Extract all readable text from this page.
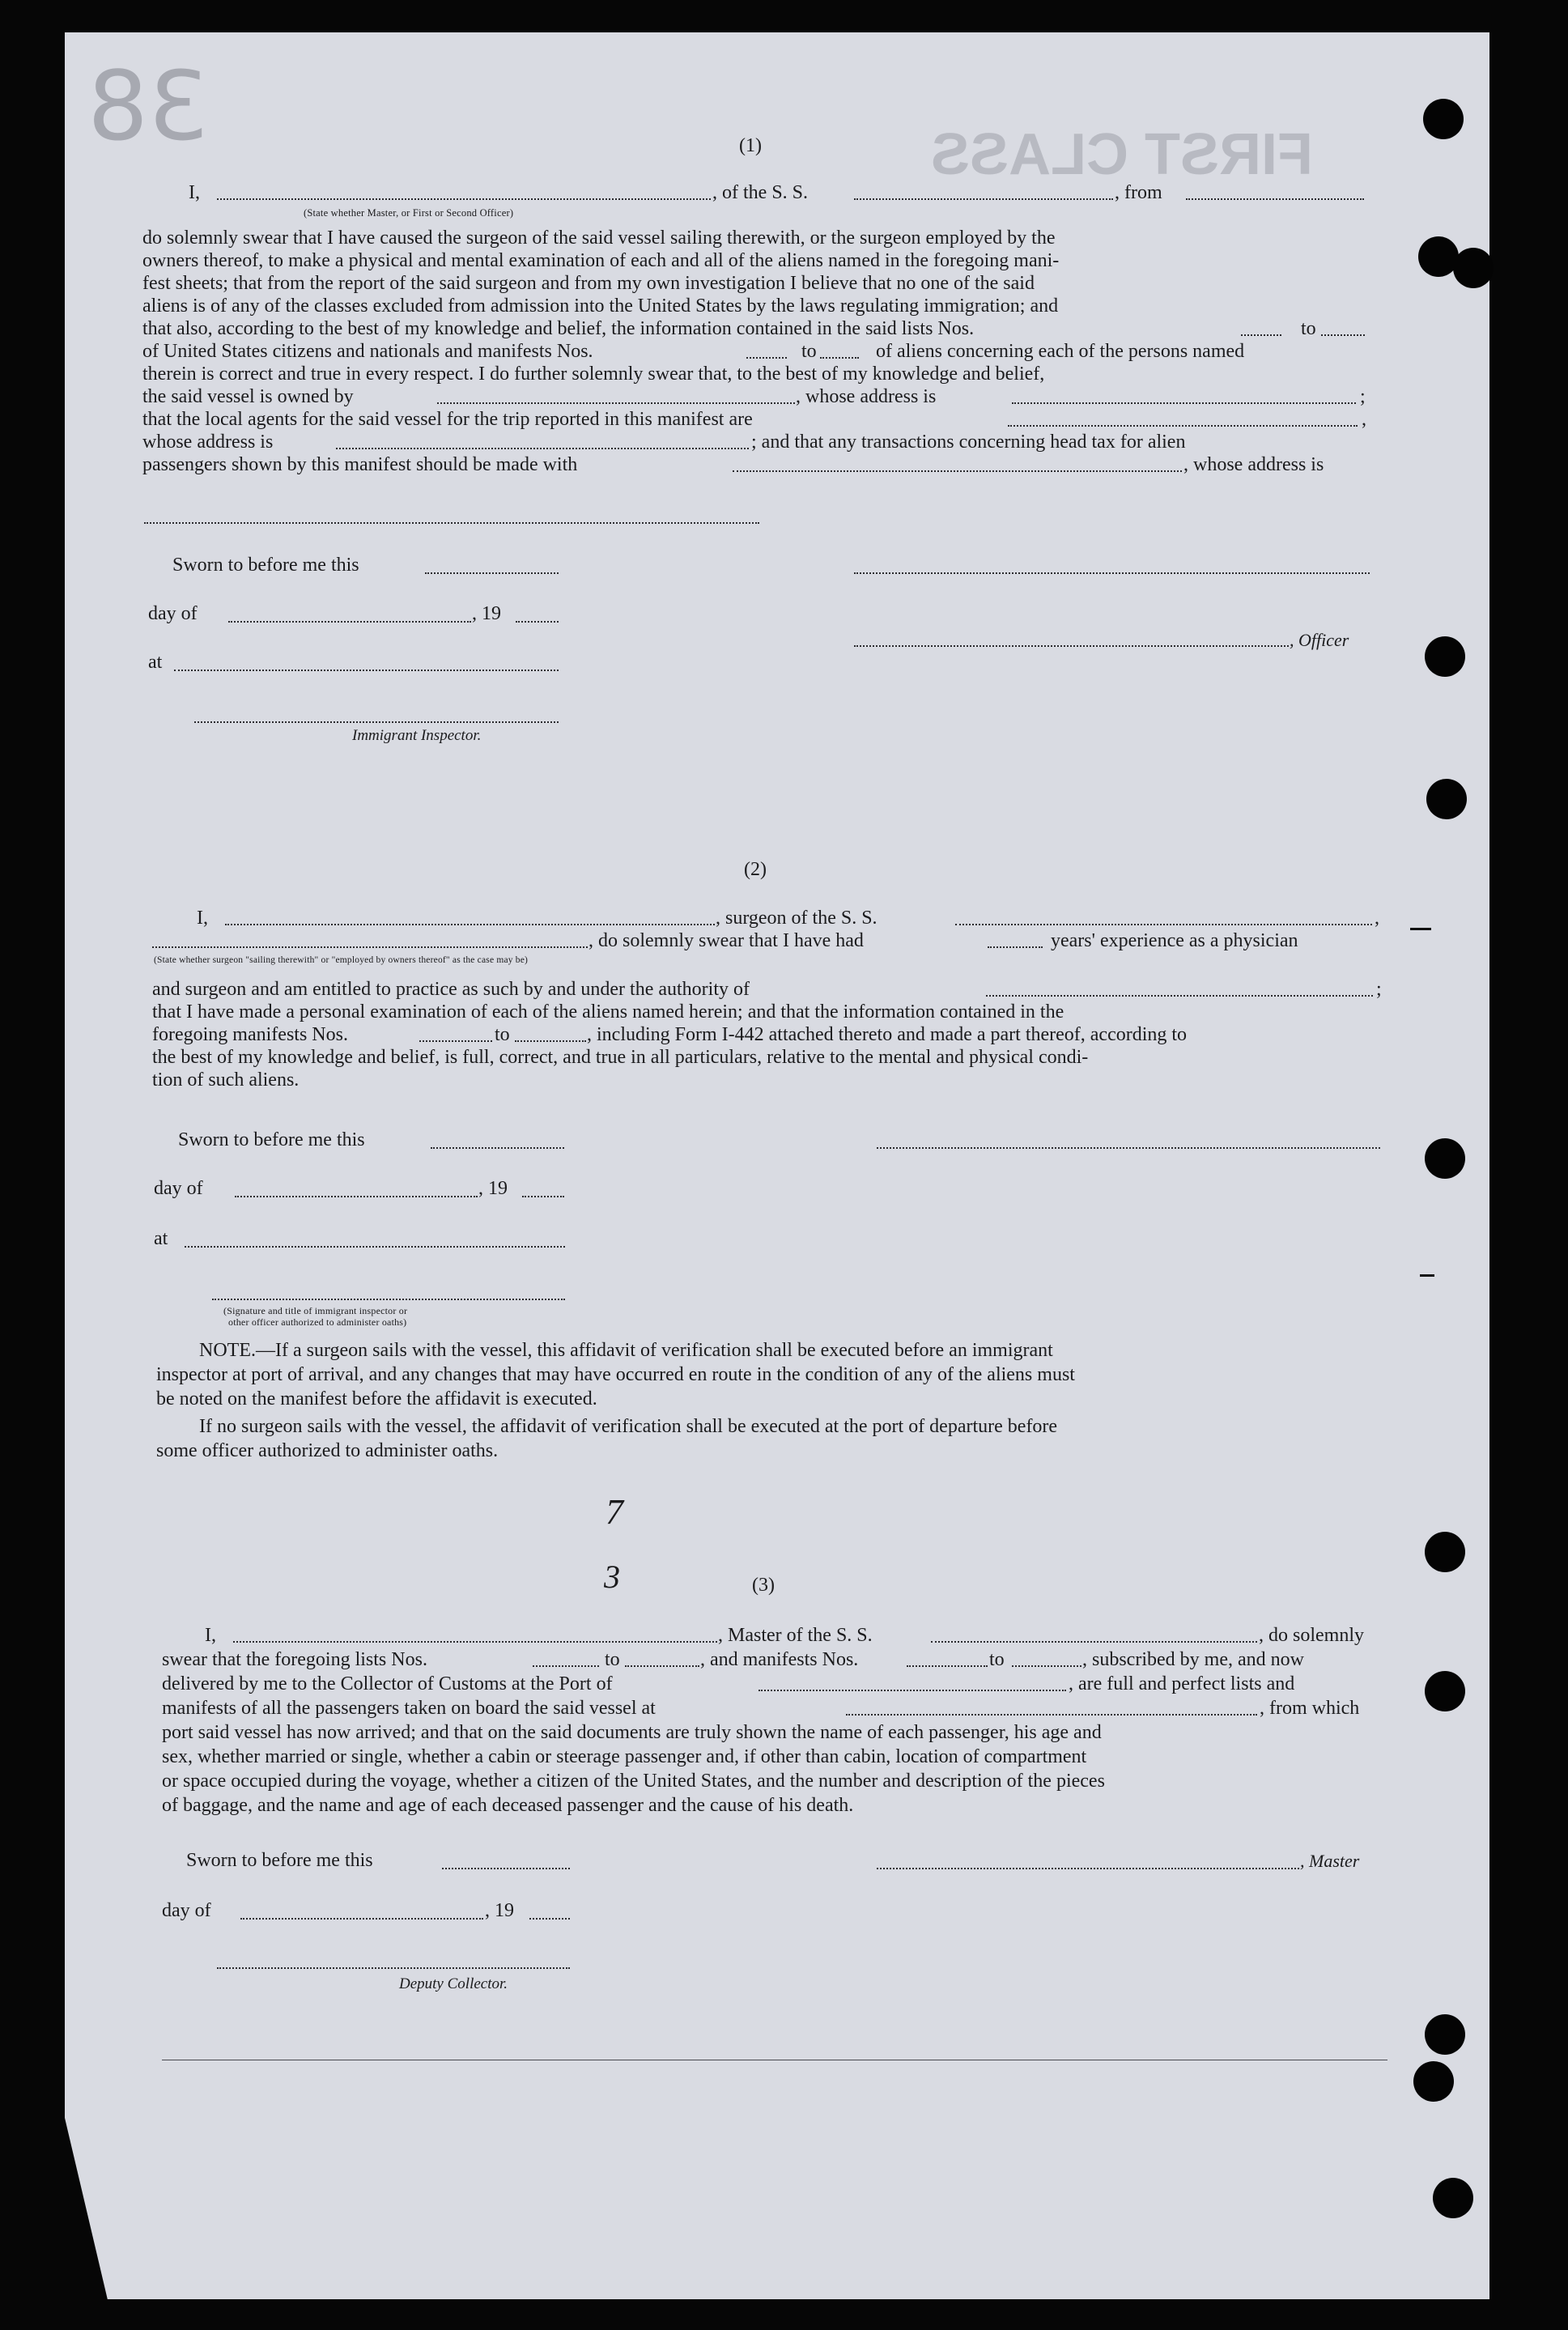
38	FIRST CLASS
(1)
I,	, of the S. S.	, from
(State whether Master, or First or Second Officer)
do solemnly swear that I have caused the surgeon of the said vessel sailing therewith, or the surgeon employed by the
owners thereof, to make a physical and mental examination of each and all of the aliens named in the foregoing mani-
fest sheets; that from the report of the said surgeon and from my own investigation I believe that no one of the said
aliens is of any of the classes excluded from admission into the United States by the laws regulating immigration; and
that also, according to the best of my knowledge and belief, the information contained in the said lists Nos.	to
of United States citizens and nationals and manifests Nos.	to	of aliens concerning each of the persons named
therein is correct and true in every respect. I do further solemnly swear that, to the best of my knowledge and belief,
the said vessel is owned by	, whose address is	;
that the local agents for the said vessel for the trip reported in this manifest are	,
whose address is	; and that any transactions concerning head tax for alien
passengers shown by this manifest should be made with	, whose address is
Sworn to before me this
day of	, 19
, Officer
at
Immigrant Inspector.
(2)
I,	, surgeon of the S. S.	,
, do solemnly swear that I have had	years' experience as a physician
(State whether surgeon "sailing therewith" or "employed by owners thereof" as the case may be)
and surgeon and am entitled to practice as such by and under the authority of	;
that I have made a personal examination of each of the aliens named herein; and that the information contained in the
foregoing manifests Nos.	to	, including Form I-442 attached thereto and made a part thereof, according to
the best of my knowledge and belief, is full, correct, and true in all particulars, relative to the mental and physical condi-
tion of such aliens.
Sworn to before me this
day of	, 19
at
(Signature and title of immigrant inspector or
other officer authorized to administer oaths)
NOTE.—If a surgeon sails with the vessel, this affidavit of verification shall be executed before an immigrant
inspector at port of arrival, and any changes that may have occurred en route in the condition of any of the aliens must
be noted on the manifest before the affidavit is executed.
If no surgeon sails with the vessel, the affidavit of verification shall be executed at the port of departure before
some officer authorized to administer oaths.
7
3	(3)
I,	, Master of the S. S.	, do solemnly
swear that the foregoing lists Nos.	to	, and manifests Nos.	to	, subscribed by me, and now
delivered by me to the Collector of Customs at the Port of	, are full and perfect lists and
manifests of all the passengers taken on board the said vessel at	, from which
port said vessel has now arrived; and that on the said documents are truly shown the name of each passenger, his age and
sex, whether married or single, whether a cabin or steerage passenger and, if other than cabin, location of compartment
or space occupied during the voyage, whether a citizen of the United States, and the number and description of the pieces
of baggage, and the name and age of each deceased passenger and the cause of his death.
Sworn to before me this	, Master
day of	, 19
Deputy Collector.
